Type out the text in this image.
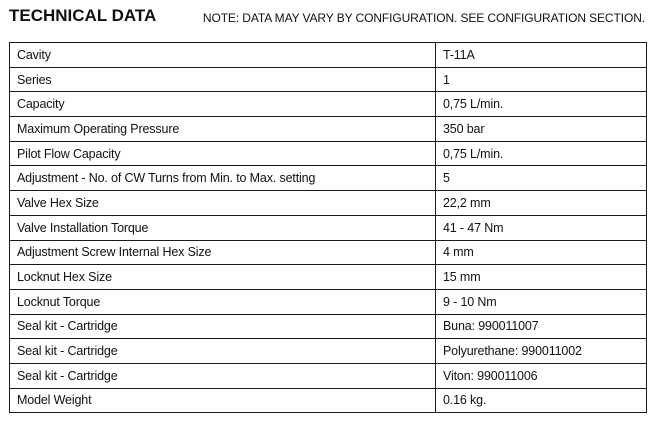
TECHNICAL DATA	NOTE: DATA MAY VARY BY CONFIGURATION. SEE CONFIGURATION SECTION.
Cavity	T-11A
Series	1
Capacity	0,75 L/min.
Maximum Operating Pressure	350 bar
Pilot Flow Capacity	0,75 L/min.
Adjustment - No. of CW Turns from Min. to Max. setting	5
Valve Hex Size	22,2 mm
Valve Installation Torque	41 - 47 Nm
Adjustment Screw Internal Hex Size	4 mm
Locknut Hex Size	15 mm
Locknut Torque	9 - 10 Nm
Seal kit - Cartridge	Buna: 990011007
Seal kit - Cartridge	Polyurethane: 990011002
Seal kit - Cartridge	Viton: 990011006
Model Weight	0.16 kg.
